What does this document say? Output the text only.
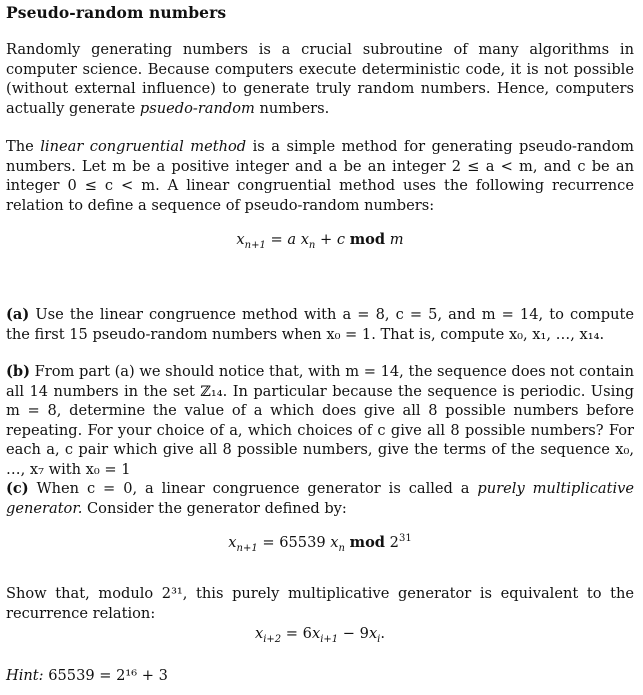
Pseudo-random numbers

Randomly generating numbers is a crucial subroutine of many algorithms in computer science. Because computers execute deterministic code, it is not possible (without external influence) to generate truly random numbers. Hence, computers actually generate psuedo-random numbers.

The linear congruential method is a simple method for generating pseudo-random numbers. Let m be a positive integer and a be an integer 2 ≤ a < m, and c be an integer 0 ≤ c < m. A linear congruential method uses the following recurrence relation to define a sequence of pseudo-random numbers:

$x_{n+1} = a$ $x_n + c$ mod m

(a) Use the linear congruence method with a = 8, c = 5, and m = 14, to compute the first 15 pseudo-random numbers when x₀ = 1. That is, compute x₀, x₁, …, x₁₄.

(b) From part (a) we should notice that, with m = 14, the sequence does not contain all 14 numbers in the set ℤ₁₄. In particular because the sequence is periodic. Using m = 8, determine the value of a which does give all 8 possible numbers before repeating. For your choice of a, which choices of c give all 8 possible numbers? For each a, c pair which give all 8 possible numbers, give the terms of the sequence x₀, …, x₇ with x₀ = 1

(c) When c = 0, a linear congruence generator is called a purely multiplicative generator. Consider the generator defined by:

$x_{n+1} = 65539$ $x_n$ mod $2^{31}$

Show that, modulo 2³¹, this purely multiplicative generator is equivalent to the recurrence relation:

$x_{i+2} = 6x_{i+1} - 9x_i$.

Hint: 65539 = 2¹⁶ + 3
